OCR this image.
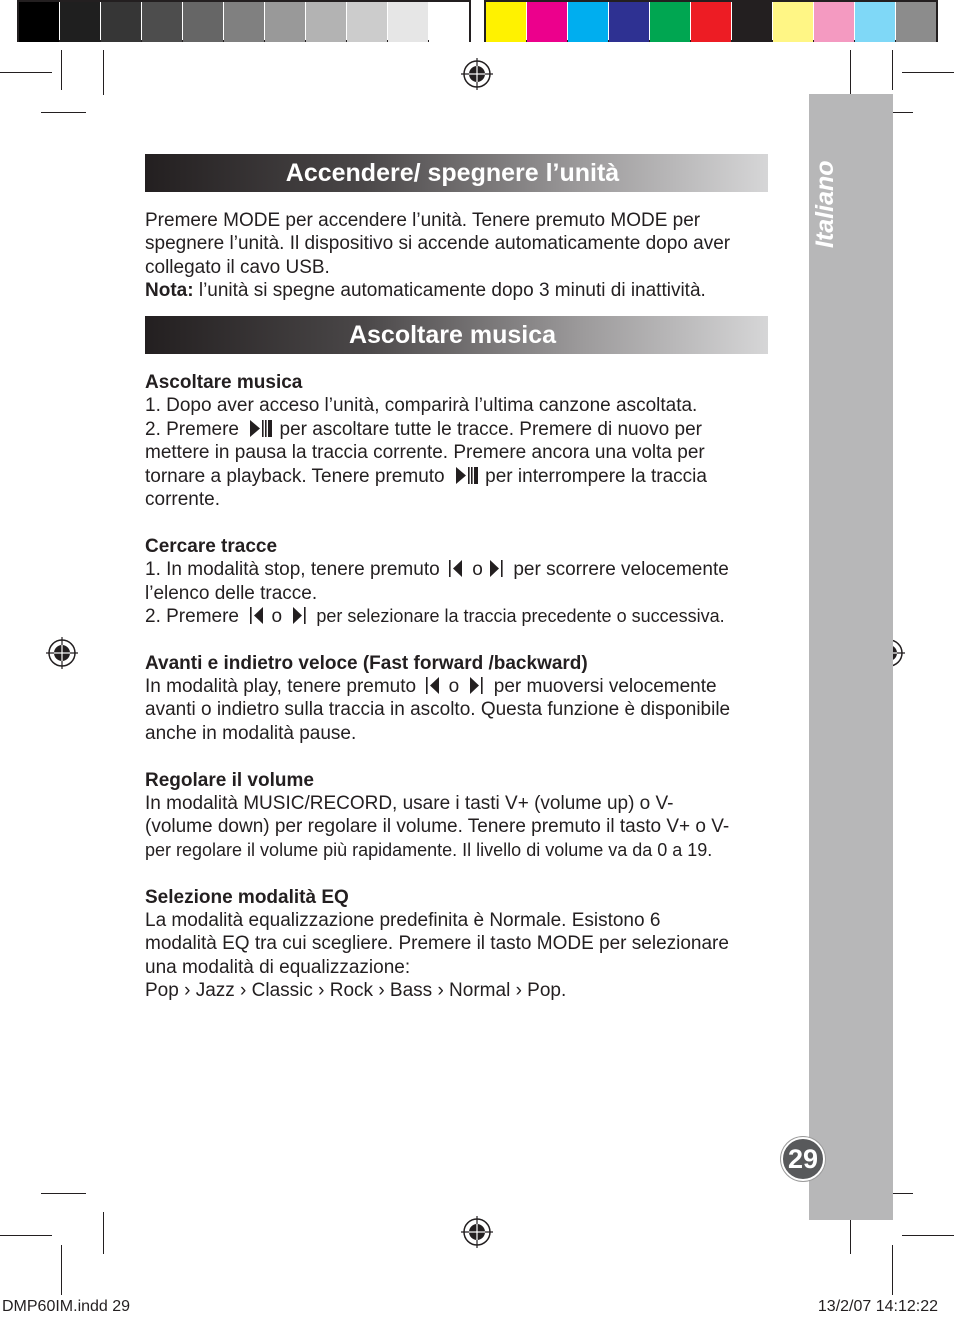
Italiano
29
Accendere/ spegnere l’unità
Premere MODE per accendere l’unità. Tenere premuto MODE per
spegnere l’unità. Il dispositivo si accende automaticamente dopo aver
collegato il cavo USB.
Nota: l’unità si spegne automaticamente dopo 3 minuti di inattività.
Ascoltare musica
Ascoltare musica
1. Dopo aver acceso l’unità, comparirà l’ultima canzone ascoltata.
2. Premere  per ascoltare tutte le tracce. Premere di nuovo per
mettere in pausa la traccia corrente. Premere ancora una volta per
tornare a playback. Tenere premuto  per interrompere la traccia
corrente.
Cercare tracce
1. In modalità stop, tenere premuto  o  per scorrere velocemente
l’elenco delle tracce.
2. Premere  o  per selezionare la traccia precedente o successiva.
Avanti e indietro veloce (Fast forward /backward)
In modalità play, tenere premuto  o  per muoversi velocemente
avanti o indietro sulla traccia in ascolto. Questa funzione è disponibile
anche in modalità pause.
Regolare il volume
In modalità MUSIC/RECORD, usare i tasti V+ (volume up) o V-
(volume down) per regolare il volume. Tenere premuto il tasto V+ o V-
per regolare il volume più rapidamente. Il livello di volume va da 0 a 19.
Selezione modalità EQ
La modalità equalizzazione predefinita è Normale. Esistono 6
modalità EQ tra cui scegliere. Premere il tasto MODE per selezionare
una modalità di equalizzazione:
Pop › Jazz › Classic › Rock › Bass › Normal › Pop.
DMP60IM.indd 29	13/2/07 14:12:22
